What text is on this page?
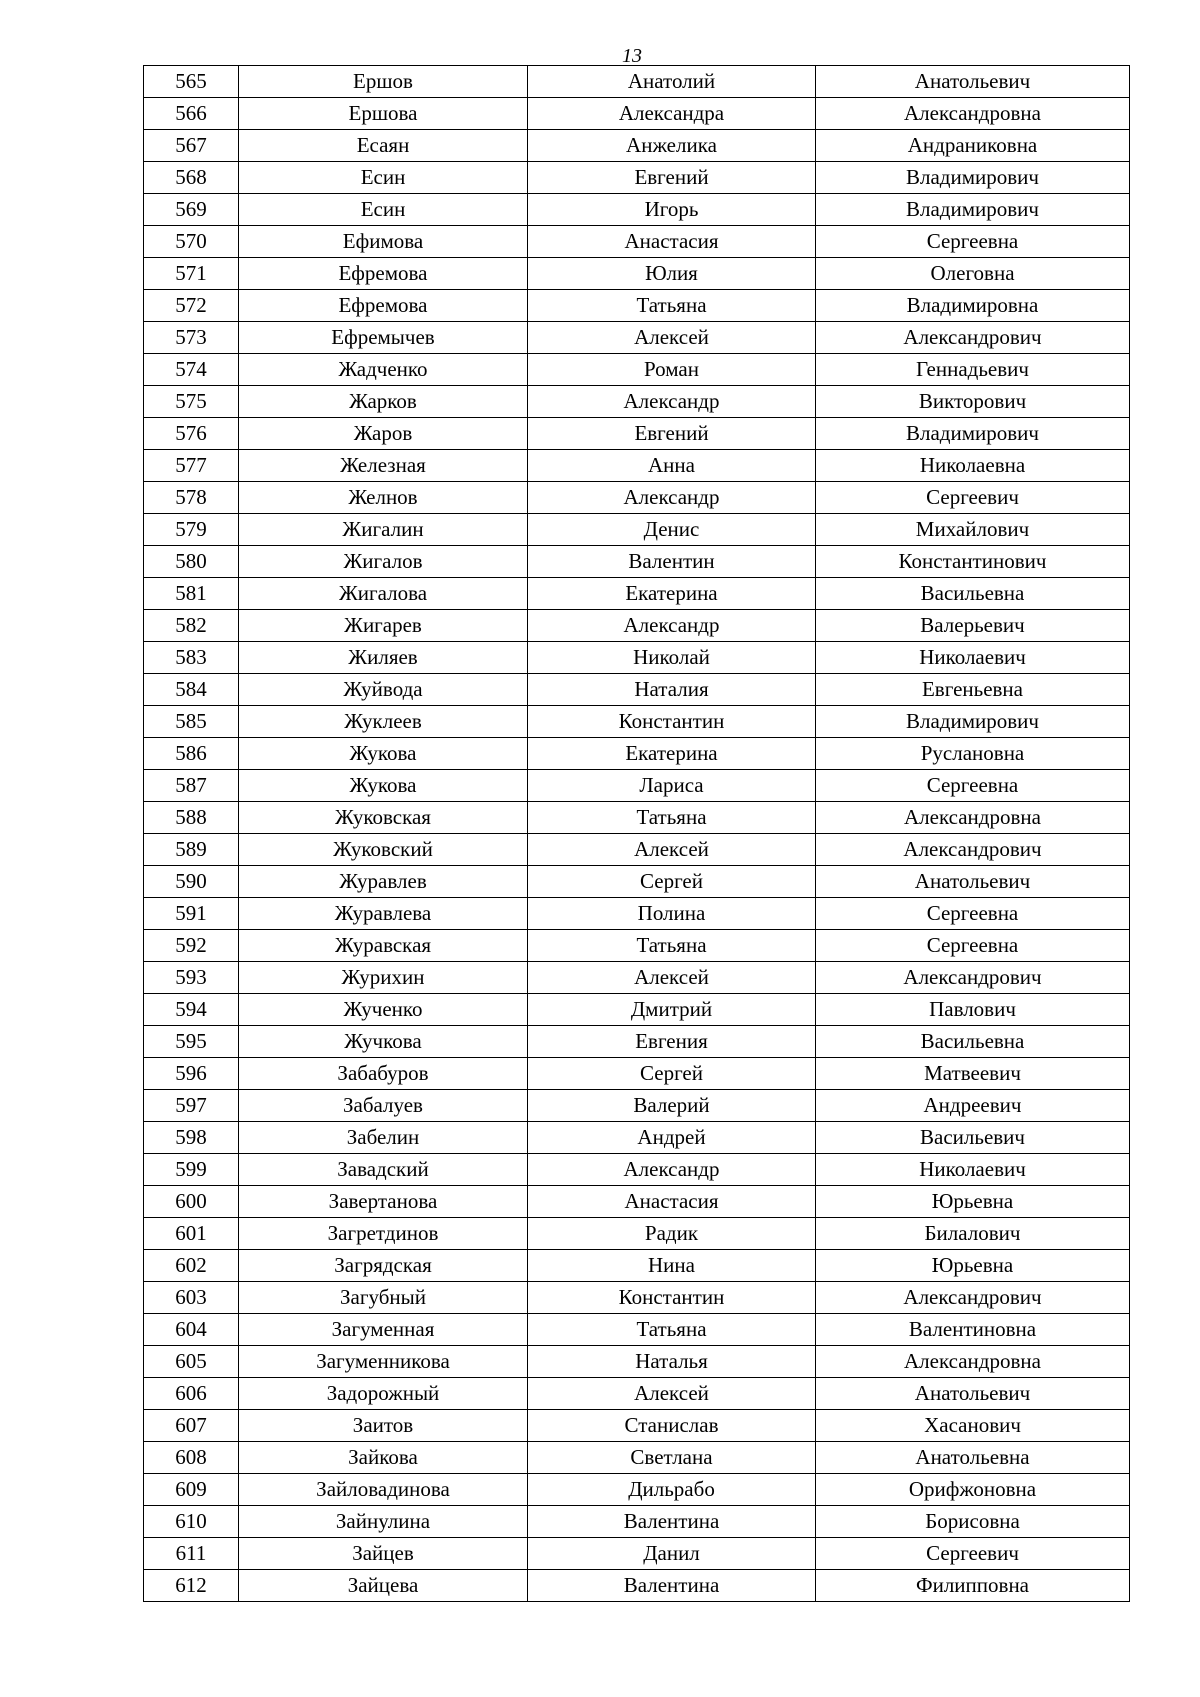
13
565	Ершов	Анатолий	Анатольевич
566	Ершова	Александра	Александровна
567	Есаян	Анжелика	Андраниковна
568	Есин	Евгений	Владимирович
569	Есин	Игорь	Владимирович
570	Ефимова	Анастасия	Сергеевна
571	Ефремова	Юлия	Олеговна
572	Ефремова	Татьяна	Владимировна
573	Ефремычев	Алексей	Александрович
574	Жадченко	Роман	Геннадьевич
575	Жарков	Александр	Викторович
576	Жаров	Евгений	Владимирович
577	Железная	Анна	Николаевна
578	Желнов	Александр	Сергеевич
579	Жигалин	Денис	Михайлович
580	Жигалов	Валентин	Константинович
581	Жигалова	Екатерина	Васильевна
582	Жигарев	Александр	Валерьевич
583	Жиляев	Николай	Николаевич
584	Жуйвода	Наталия	Евгеньевна
585	Жуклеев	Константин	Владимирович
586	Жукова	Екатерина	Руслановна
587	Жукова	Лариса	Сергеевна
588	Жуковская	Татьяна	Александровна
589	Жуковский	Алексей	Александрович
590	Журавлев	Сергей	Анатольевич
591	Журавлева	Полина	Сергеевна
592	Журавская	Татьяна	Сергеевна
593	Журихин	Алексей	Александрович
594	Жученко	Дмитрий	Павлович
595	Жучкова	Евгения	Васильевна
596	Забабуров	Сергей	Матвеевич
597	Забалуев	Валерий	Андреевич
598	Забелин	Андрей	Васильевич
599	Завадский	Александр	Николаевич
600	Завертанова	Анастасия	Юрьевна
601	Загретдинов	Радик	Билалович
602	Загрядская	Нина	Юрьевна
603	Загубный	Константин	Александрович
604	Загуменная	Татьяна	Валентиновна
605	Загуменникова	Наталья	Александровна
606	Задорожный	Алексей	Анатольевич
607	Заитов	Станислав	Хасанович
608	Зайкова	Светлана	Анатольевна
609	Зайловадинова	Дильрабо	Орифжоновна
610	Зайнулина	Валентина	Борисовна
611	Зайцев	Данил	Сергеевич
612	Зайцева	Валентина	Филипповна
